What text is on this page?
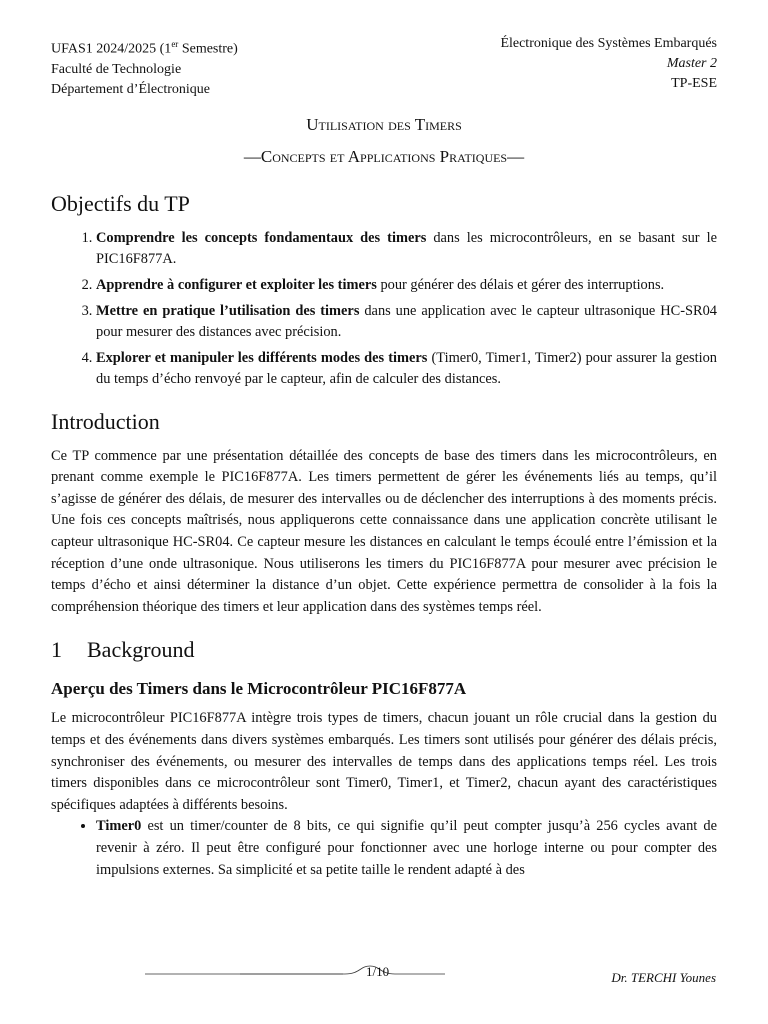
UFAS1 2024/2025 (1er Semestre)
Faculté de Technologie
Département d’Électronique
Électronique des Systèmes Embarqués
Master 2
TP-ESE
Utilisation des Timers
—Concepts et Applications Pratiques—
Objectifs du TP
1. Comprendre les concepts fondamentaux des timers dans les microcontrôleurs, en se basant sur le PIC16F877A.
2. Apprendre à configurer et exploiter les timers pour générer des délais et gérer des interruptions.
3. Mettre en pratique l’utilisation des timers dans une application avec le capteur ultrasonique HC-SR04 pour mesurer des distances avec précision.
4. Explorer et manipuler les différents modes des timers (Timer0, Timer1, Timer2) pour assurer la gestion du temps d’écho renvoyé par le capteur, afin de calculer des distances.
Introduction

Ce TP commence par une présentation détaillée des concepts de base des timers dans les microcontrôleurs, en prenant comme exemple le PIC16F877A. Les timers permettent de gérer les événements liés au temps, qu’il s’agisse de générer des délais, de mesurer des intervalles ou de déclencher des interruptions à des moments précis. Une fois ces concepts maîtrisés, nous appliquerons cette connaissance dans une application concrète utilisant le capteur ultrasonique HC-SR04. Ce capteur mesure les distances en calculant le temps écoulé entre l’émission et la réception d’une onde ultrasonique. Nous utiliserons les timers du PIC16F877A pour mesurer avec précision le temps d’écho et ainsi déterminer la distance d’un objet. Cette expérience permettra de consolider à la fois la compréhension théorique des timers et leur application dans des systèmes temps réel.

1 Background
Aperçu des Timers dans le Microcontrôleur PIC16F877A

Le microcontrôleur PIC16F877A intègre trois types de timers, chacun jouant un rôle crucial dans la gestion du temps et des événements dans divers systèmes embarqués. Les timers sont utilisés pour générer des délais précis, synchroniser des événements, ou mesurer des intervalles de temps dans des applications temps réel. Les trois timers disponibles dans ce microcontrôleur sont Timer0, Timer1, et Timer2, chacun ayant des caractéristiques spécifiques adaptées à différents besoins.

• Timer0 est un timer/counter de 8 bits, ce qui signifie qu’il peut compter jusqu’à 256 cycles avant de revenir à zéro. Il peut être configuré pour fonctionner avec une horloge interne ou pour compter des impulsions externes. Sa simplicité et sa petite taille le rendent adapté à des
1/10	Dr. TERCHI Younes
